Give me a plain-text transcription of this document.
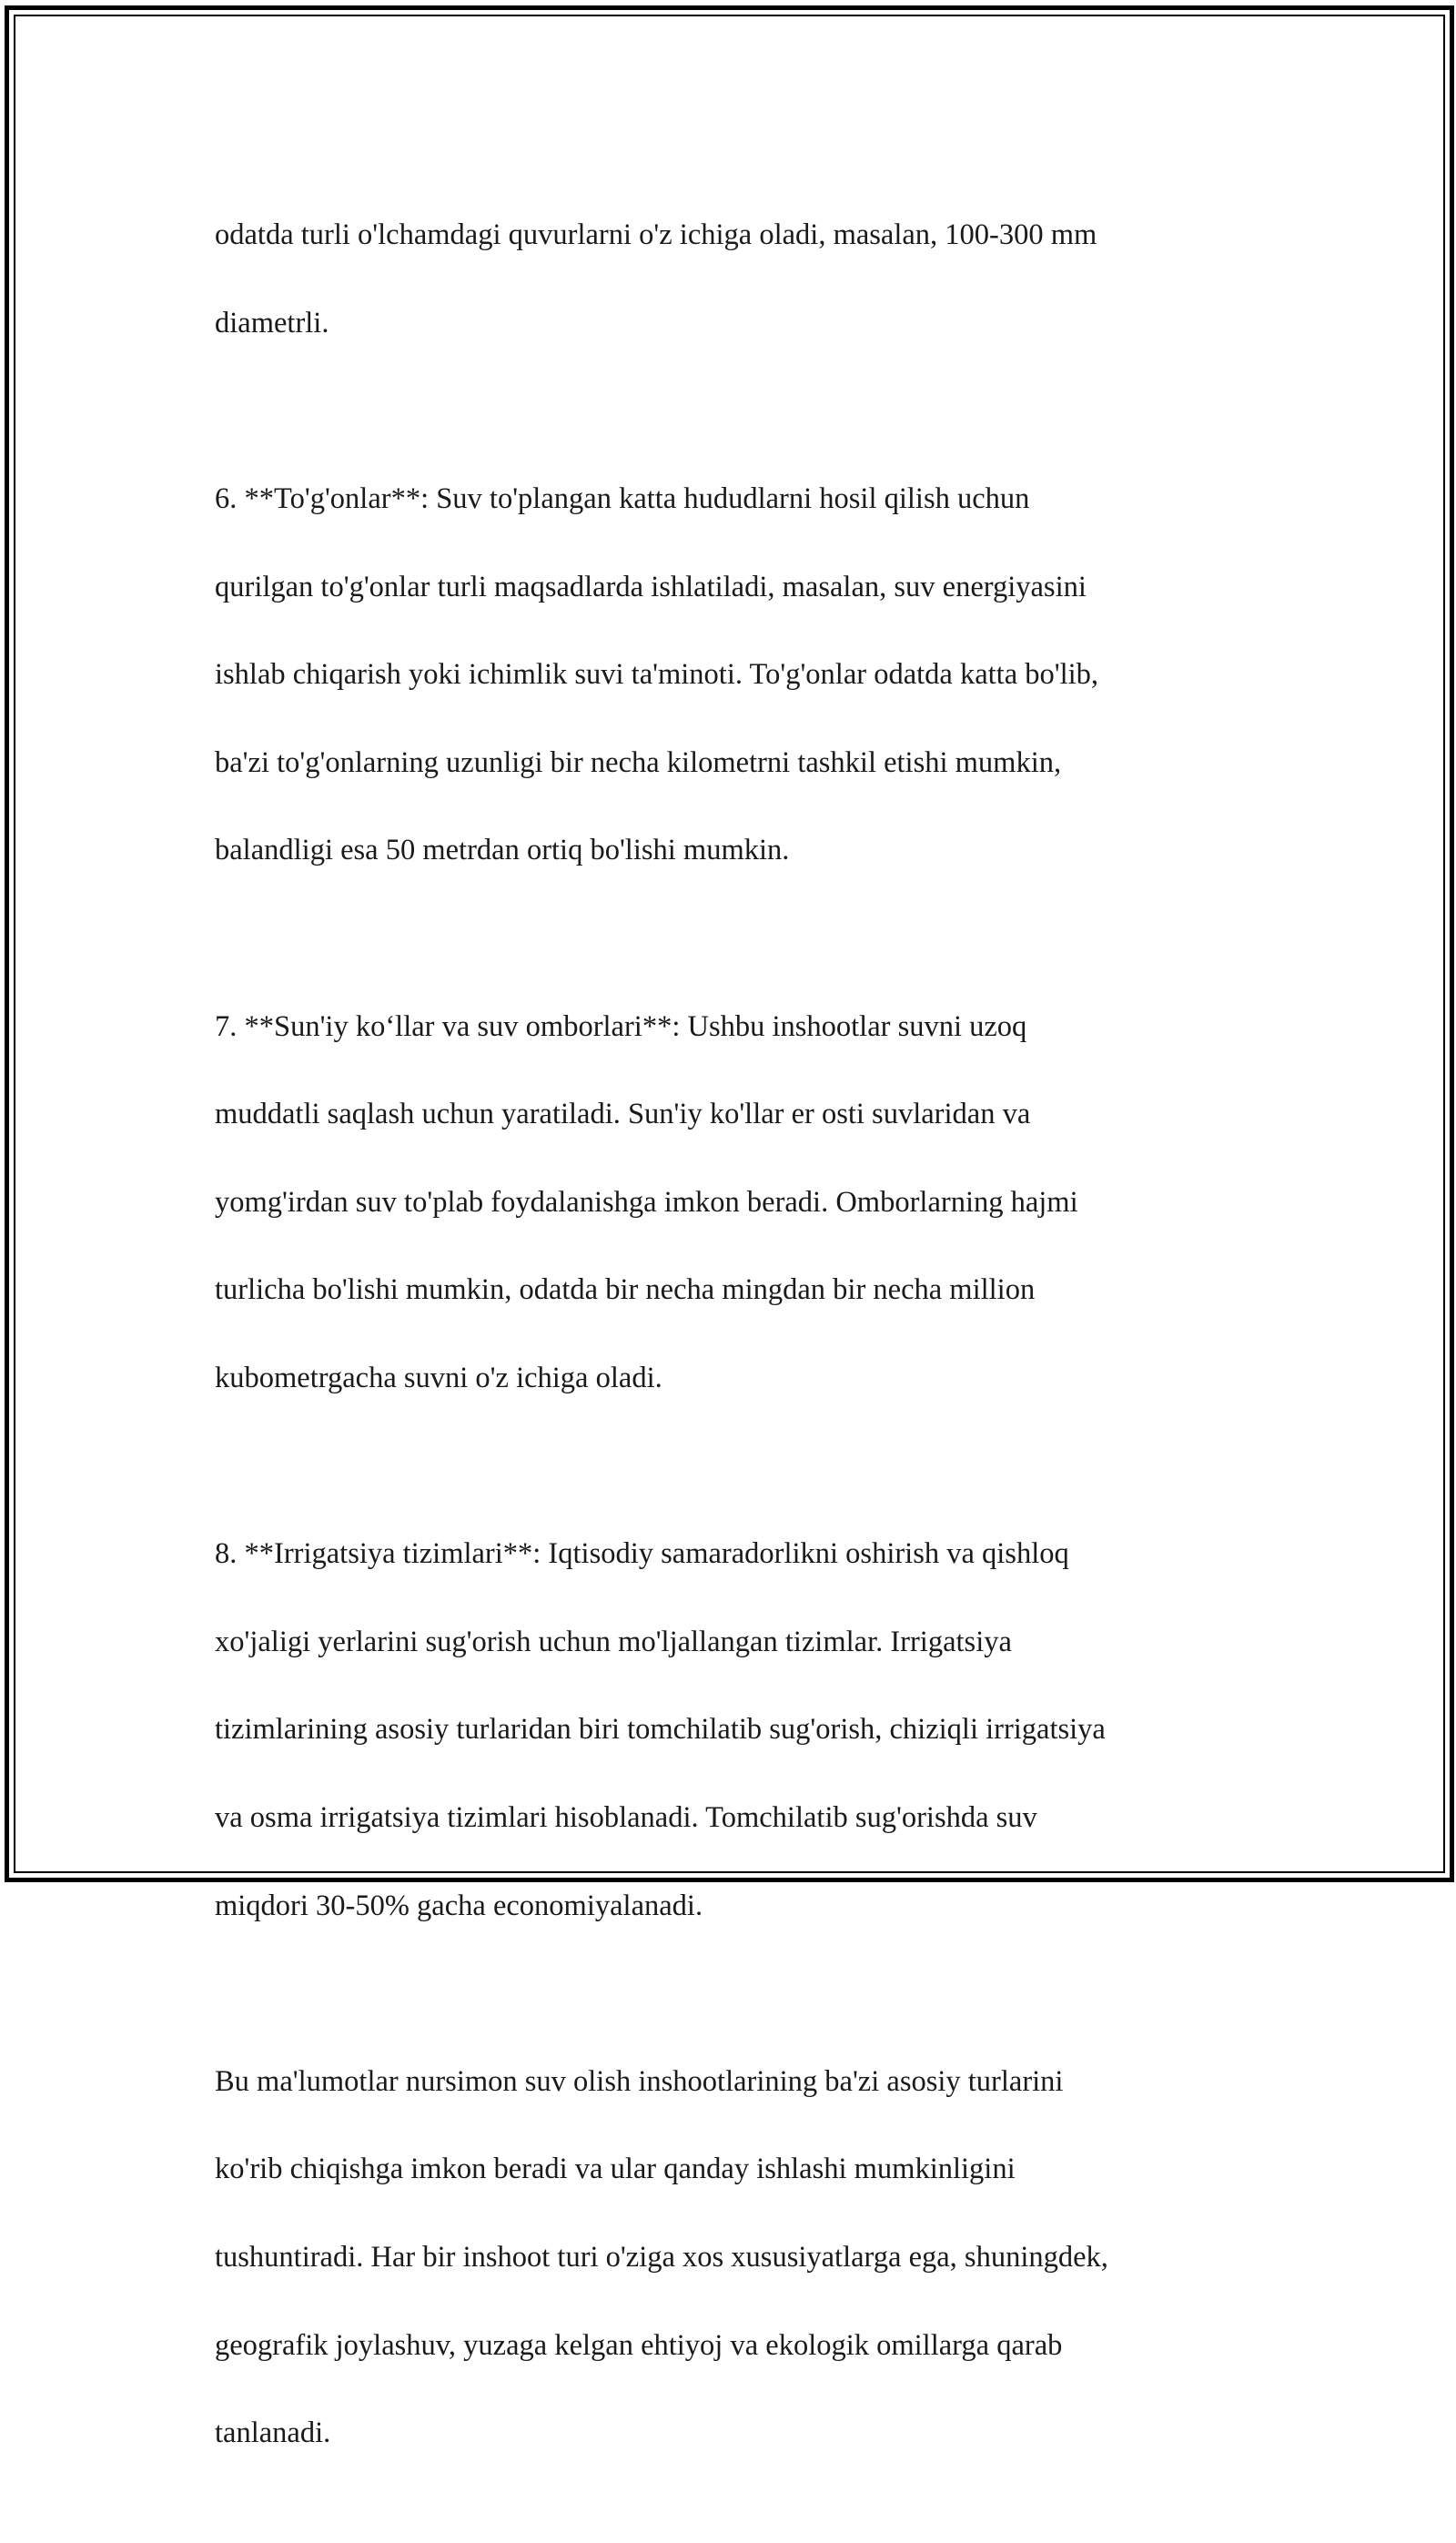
odatda turli o'lchamdagi quvurlarni o'z ichiga oladi, masalan, 100-300 mm

diametrli.

6. **To'g'onlar**: Suv to'plangan katta hududlarni hosil qilish uchun

qurilgan to'g'onlar turli maqsadlarda ishlatiladi, masalan, suv energiyasini

ishlab chiqarish yoki ichimlik suvi ta'minoti. To'g'onlar odatda katta bo'lib,

ba'zi to'g'onlarning uzunligi bir necha kilometrni tashkil etishi mumkin,

balandligi esa 50 metrdan ortiq bo'lishi mumkin.

7. **Sun'iy ko‘llar va suv omborlari**: Ushbu inshootlar suvni uzoq

muddatli saqlash uchun yaratiladi. Sun'iy ko'llar er osti suvlaridan va

yomg'irdan suv to'plab foydalanishga imkon beradi. Omborlarning hajmi

turlicha bo'lishi mumkin, odatda bir necha mingdan bir necha million

kubometrgacha suvni o'z ichiga oladi.

8. **Irrigatsiya tizimlari**: Iqtisodiy samaradorlikni oshirish va qishloq

xo'jaligi yerlarini sug'orish uchun mo'ljallangan tizimlar. Irrigatsiya

tizimlarining asosiy turlaridan biri tomchilatib sug'orish, chiziqli irrigatsiya

va osma irrigatsiya tizimlari hisoblanadi. Tomchilatib sug'orishda suv

miqdori 30-50% gacha economiyalanadi.

Bu ma'lumotlar nursimon suv olish inshootlarining ba'zi asosiy turlarini

ko'rib chiqishga imkon beradi va ular qanday ishlashi mumkinligini

tushuntiradi. Har bir inshoot turi o'ziga xos xususiyatlarga ega, shuningdek,

geografik joylashuv, yuzaga kelgan ehtiyoj va ekologik omillarga qarab

tanlanadi.
